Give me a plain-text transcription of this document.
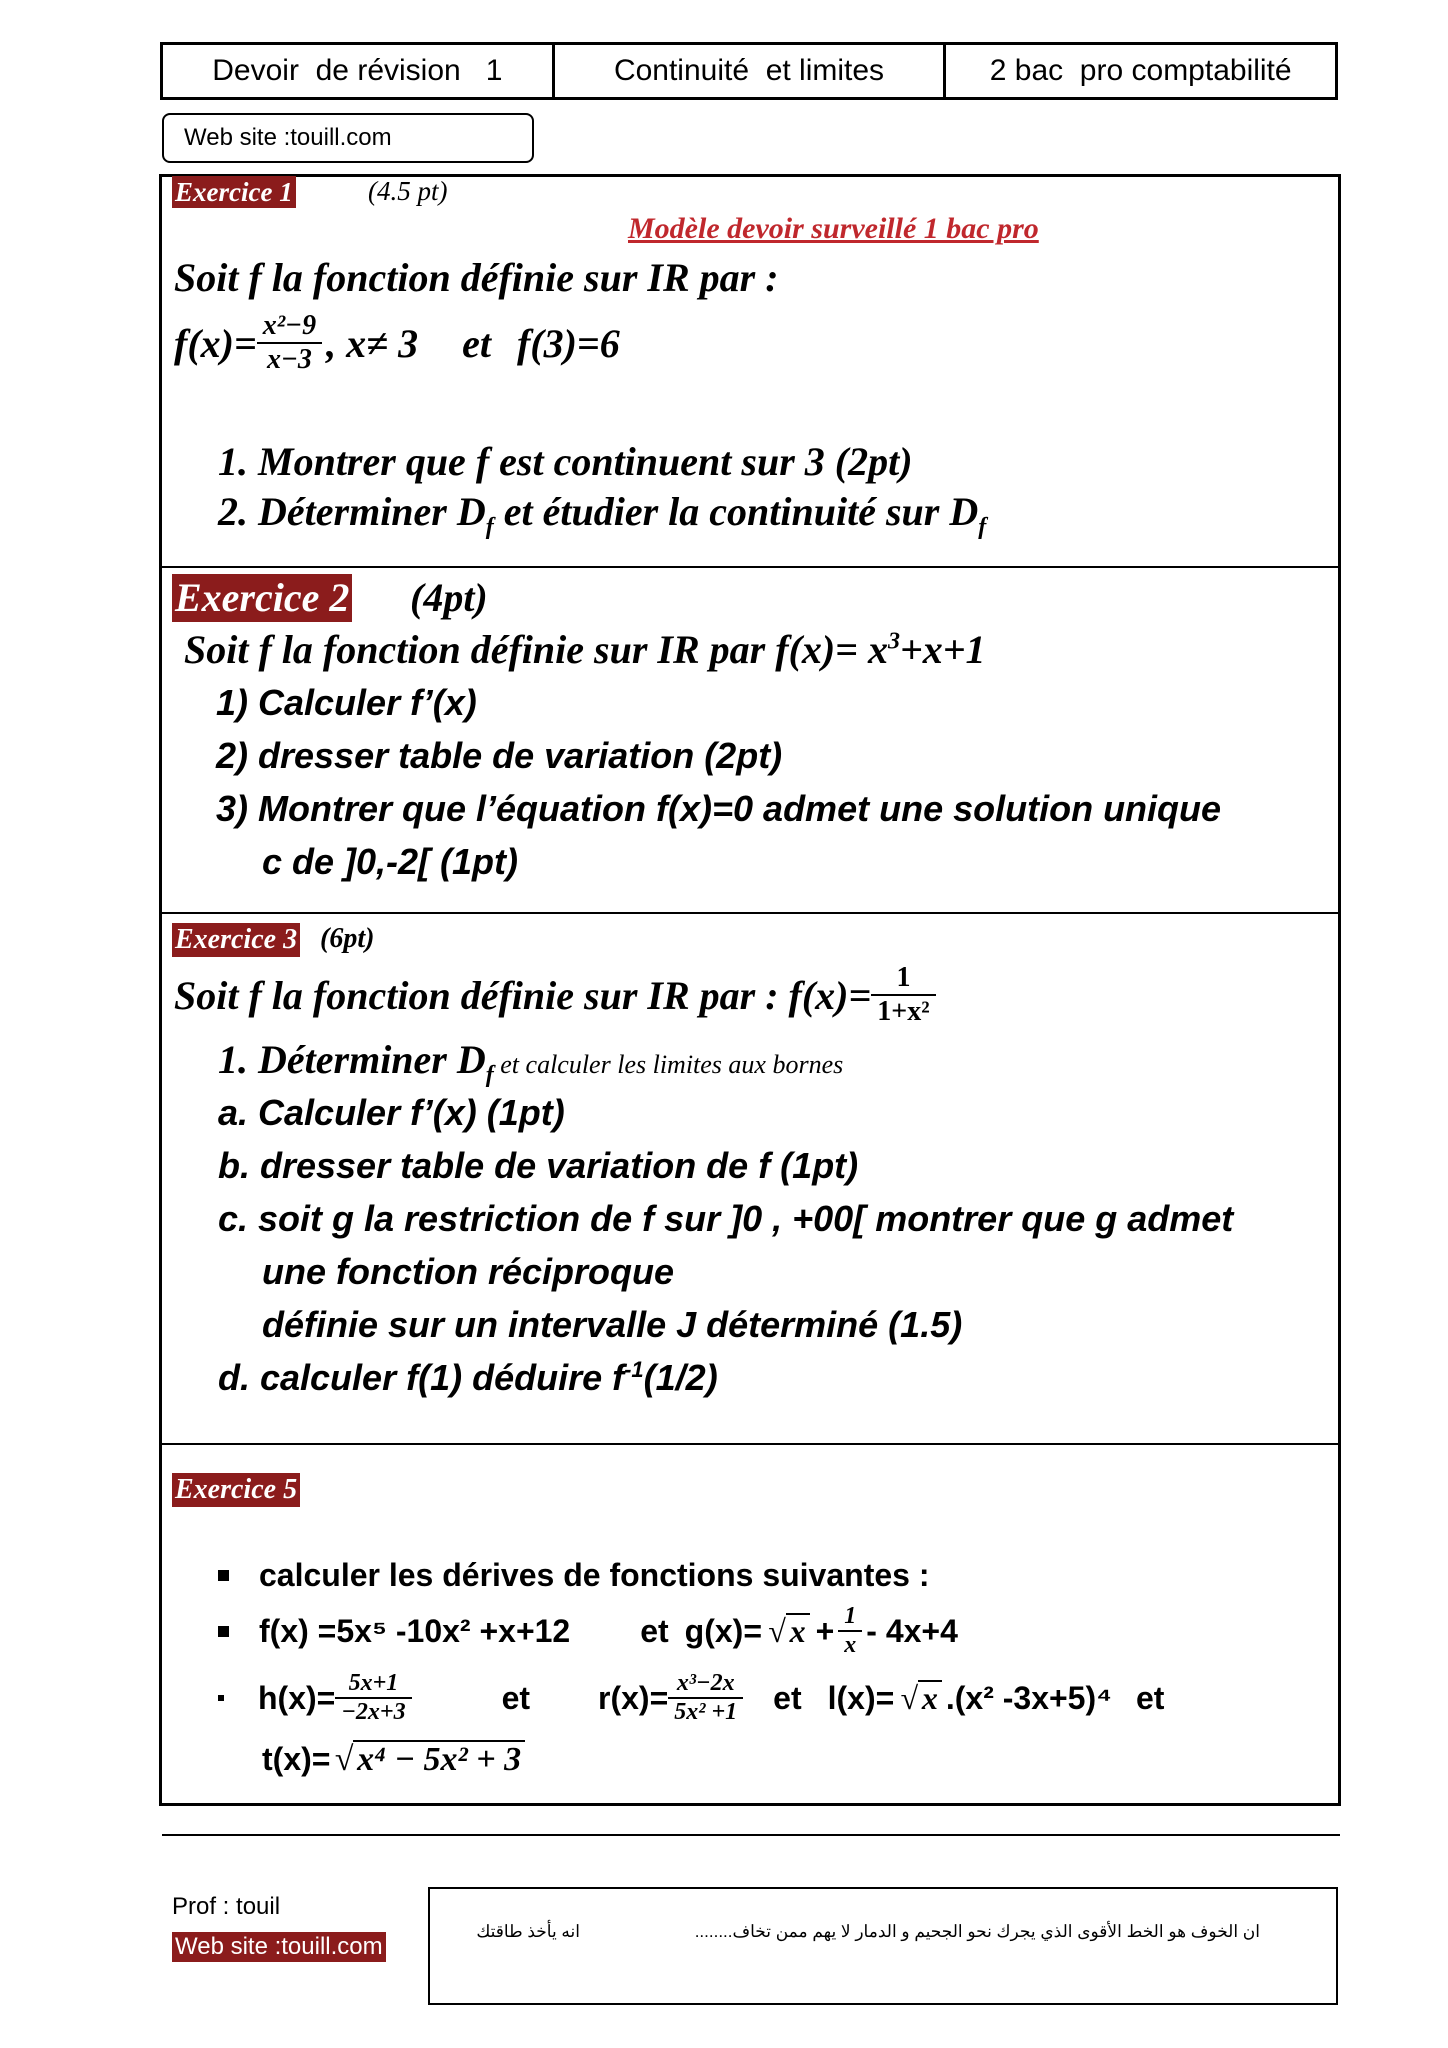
Devoir  de révision   1	Continuité  et limites	2 bac  pro comptabilité
Web site :touill.com
Exercice 1	(4.5 pt)
Modèle devoir surveillé 1 bac pro
Soit f la fonction définie sur IR par :
$f(x)= \frac{\text{x²−9}}{x-3}$ , x≠ 3 et f(3)=6
1. Montrer que f est continuent sur 3 (2pt)
2. Déterminer $D_f$ et étudier la continuité sur $D_f$
Exercice 2 (4pt)
Soit f la fonction définie sur IR par $f(x)= x^3+x+1$
1) Calculer f’(x)
2) dresser table de variation (2pt)
3) Montrer que l’équation f(x)=0 admet une solution unique
c de ]0,-2[ (1pt)
Exercice 3 (6pt)
Soit f la fonction définie sur IR par : $f(x)= \frac{1}{\text{1+x²}}$
1. Déterminer $D_f$ et calculer les limites aux bornes
a. Calculer f’(x) (1pt)
b. dresser table de variation de f (1pt)
c. soit g la restriction de f sur ]0 , +00[ montrer que g admet
une fonction réciproque
définie sur un intervalle J déterminé (1.5)
d. calculer f(1) déduire $f^{-1}(1/2)$
Exercice 5
calculer les dérives de fonctions suivantes :
f(x) =5x⁵ -10x² +x+12 et g(x)= √ $x + \frac{1}{x} - 4x+4$
$h(x)= \frac{5x+1}{-2x+3}$	et $r(x)= \frac{\text{x³−2x}}{\text{5x² +1}}$ et l(x)= √ x .(x² -3x+5)⁴ et
t(x)= √ x⁴ − 5x² + 3
Prof : touil
Web site :touill.com
ان الخوف هو الخط الأقوى الذي يجرك نحو الجحيم و الدمار لا يهم ممن تخاف........
انه يأخذ طاقتك
